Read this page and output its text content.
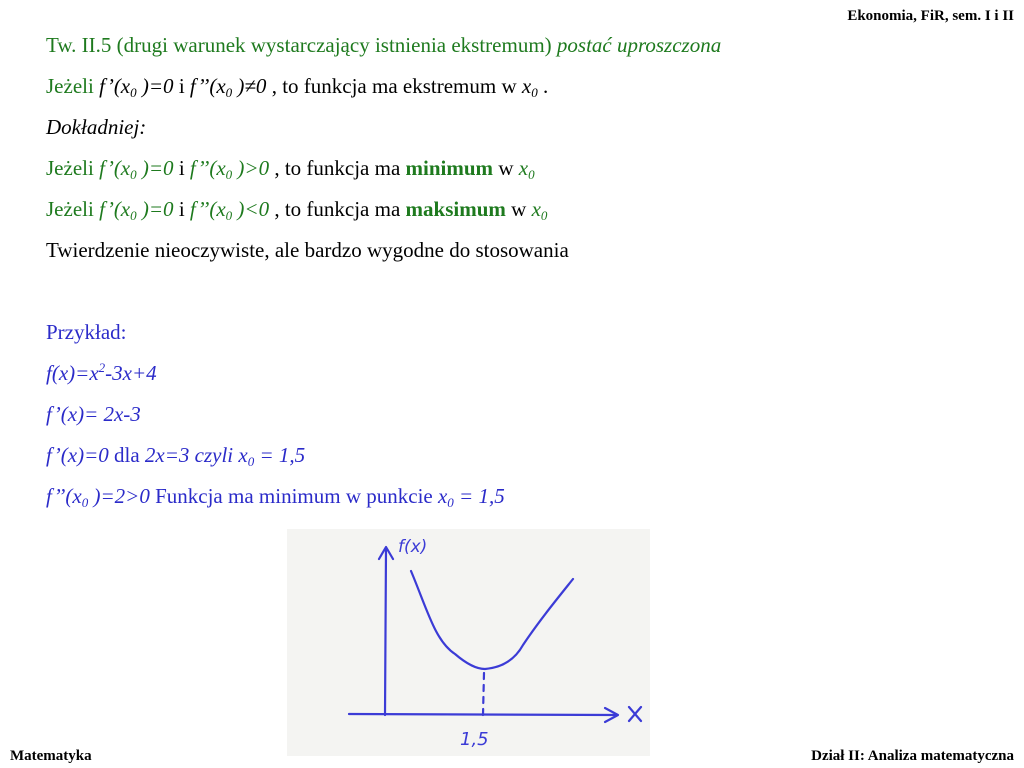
Ekonomia, FiR, sem. I i II
Matematyka	Dział II: Analiza matematyczna
Tw. II.5 (drugi warunek wystarczający istnienia ekstremum) postać uproszczona
Jeżeli $f’(x_0$ )=0 i $f’’(x_0$ )≠0 , to funkcja ma ekstremum w $x_0$ .
Dokładniej:
Jeżeli $f’(x_0$ )=0 i $f’’(x_0$ )>0 , to funkcja ma minimum w $x_0$
Jeżeli $f’(x_0$ )=0 i $f’’(x_0$ )<0 , to funkcja ma maksimum w $x_0$
Twierdzenie nieoczywiste, ale bardzo wygodne do stosowania
Przykład:
$f(x)=x^2-3x+4$
f’(x)= 2x-3
f’(x)=0 dla 2x=3 czyli $x_0 = 1,5$
$f’’(x_0$ )=2>0 Funkcja ma minimum w punkcie $x_0 = 1,5$
f(x)
1,5
